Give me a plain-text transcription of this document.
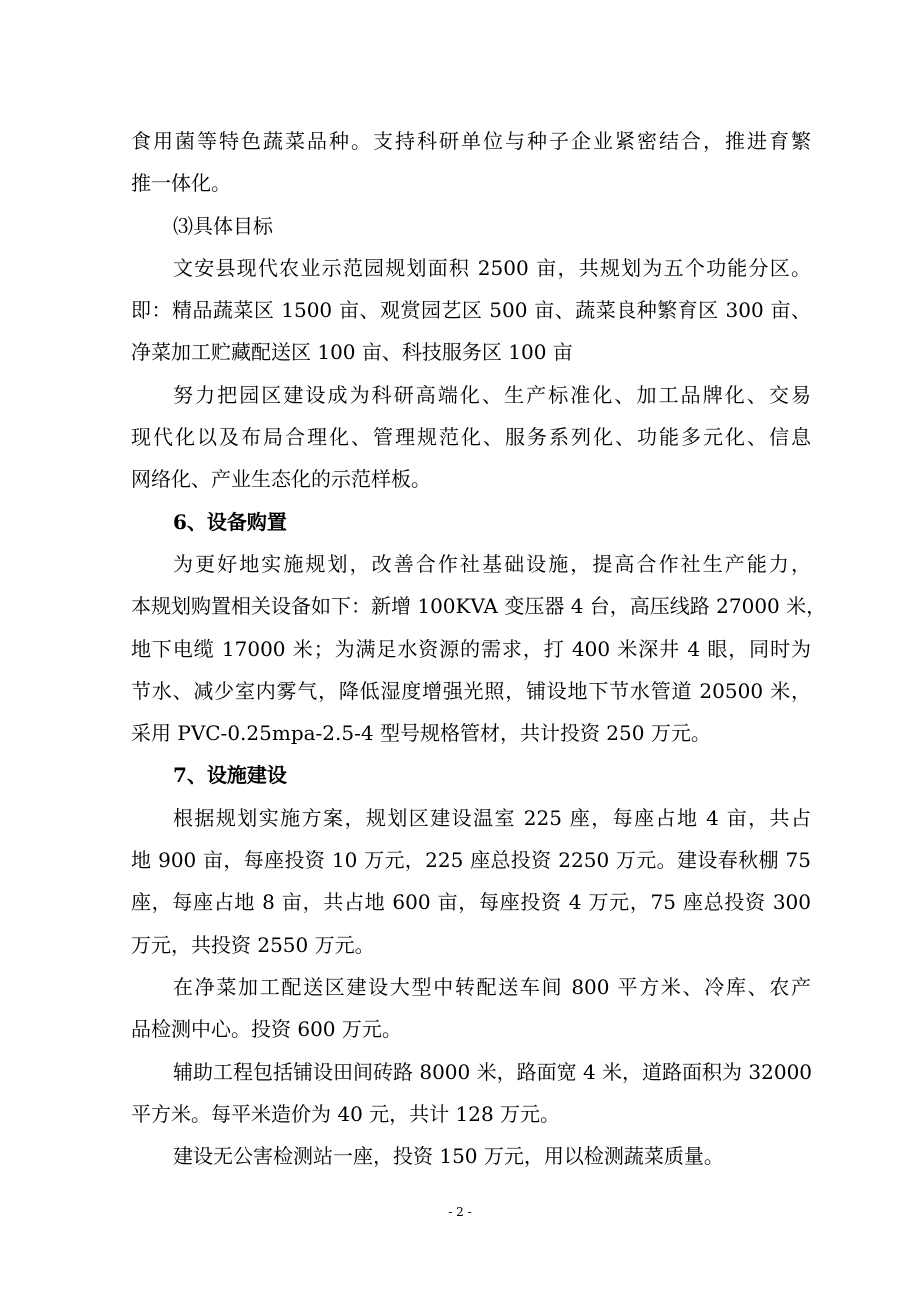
食用菌等特色蔬菜品种。支持科研单位与种子企业紧密结合，推进育繁
推一体化。
⑶具体目标
文安县现代农业示范园规划面积 2500 亩，共规划为五个功能分区。
即：精品蔬菜区 1500 亩、观赏园艺区 500 亩、蔬菜良种繁育区 300 亩、
净菜加工贮藏配送区 100 亩、科技服务区 100 亩
努力把园区建设成为科研高端化、生产标准化、加工品牌化、交易
现代化以及布局合理化、管理规范化、服务系列化、功能多元化、信息
网络化、产业生态化的示范样板。
6、设备购置
为更好地实施规划，改善合作社基础设施，提高合作社生产能力，
本规划购置相关设备如下：新增 100KVA 变压器 4 台，高压线路 27000 米，
地下电缆 17000 米；为满足水资源的需求，打 400 米深井 4 眼，同时为
节水、减少室内雾气，降低湿度增强光照，铺设地下节水管道 20500 米，
采用 PVC-0.25mpa-2.5-4 型号规格管材，共计投资 250 万元。
7、设施建设
根据规划实施方案，规划区建设温室 225 座，每座占地 4 亩，共占
地 900 亩，每座投资 10 万元，225 座总投资 2250 万元。建设春秋棚 75
座，每座占地 8 亩，共占地 600 亩，每座投资 4 万元，75 座总投资 300
万元，共投资 2550 万元。
在净菜加工配送区建设大型中转配送车间 800 平方米、冷库、农产
品检测中心。投资 600 万元。
辅助工程包括铺设田间砖路 8000 米，路面宽 4 米，道路面积为 32000
平方米。每平米造价为 40 元，共计 128 万元。
建设无公害检测站一座，投资 150 万元，用以检测蔬菜质量。
- 2 -
